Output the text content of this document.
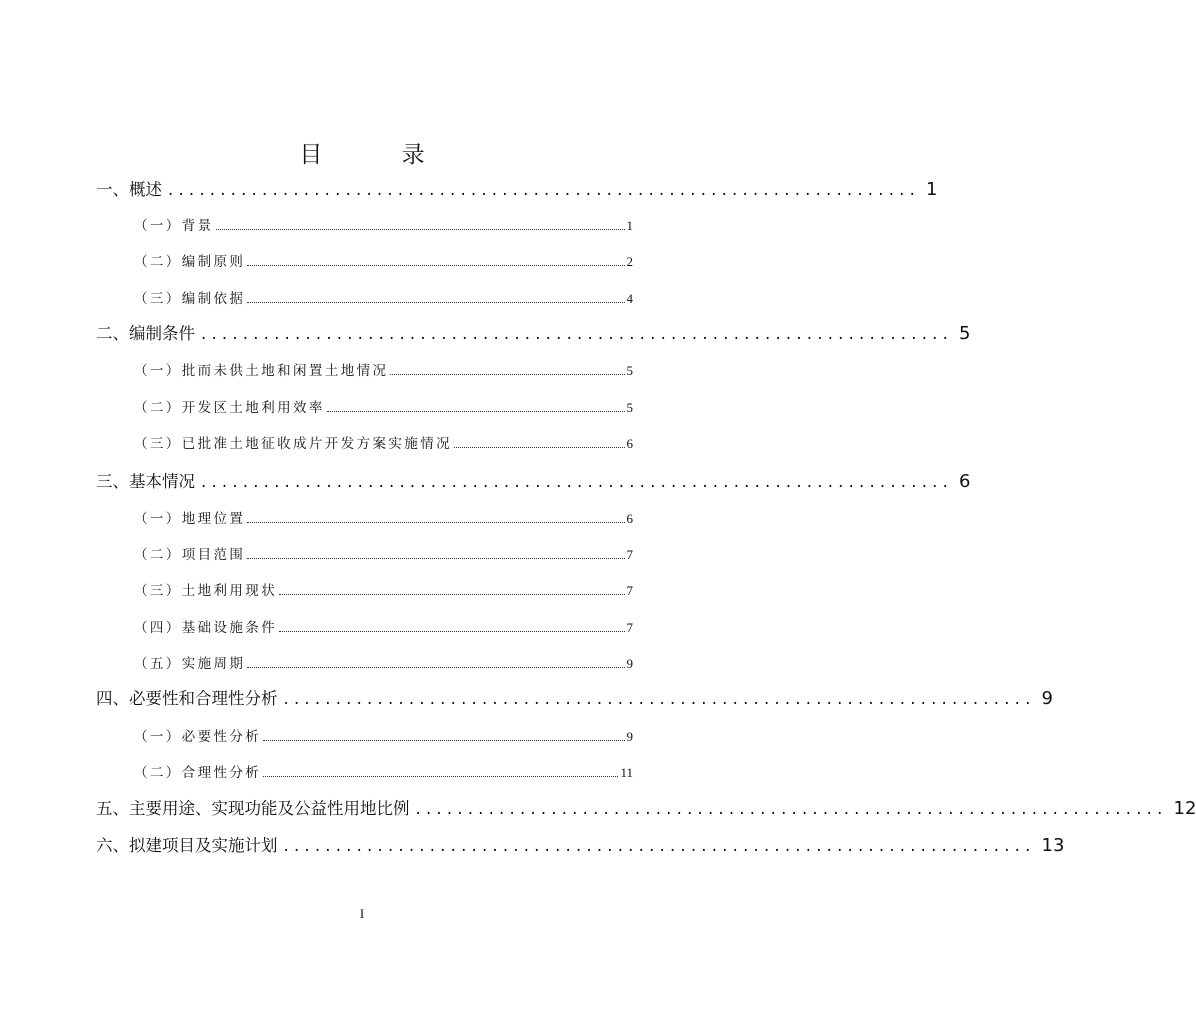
目 录
一、概述 ........................................................................ 1
（一）背景	1
（二）编制原则	2
（三）编制依据	4
二、编制条件 ........................................................................ 5
（一）批而未供土地和闲置土地情况	5
（二）开发区土地利用效率	5
（三）已批准土地征收成片开发方案实施情况	6
三、基本情况 ........................................................................ 6
（一）地理位置	6
（二）项目范围	7
（三）土地利用现状	7
（四）基础设施条件	7
（五）实施周期	9
四、必要性和合理性分析 ........................................................................ 9
（一）必要性分析	9
（二）合理性分析	11
五、主要用途、实现功能及公益性用地比例 ........................................................................ 12
六、拟建项目及实施计划 ........................................................................ 13
I
